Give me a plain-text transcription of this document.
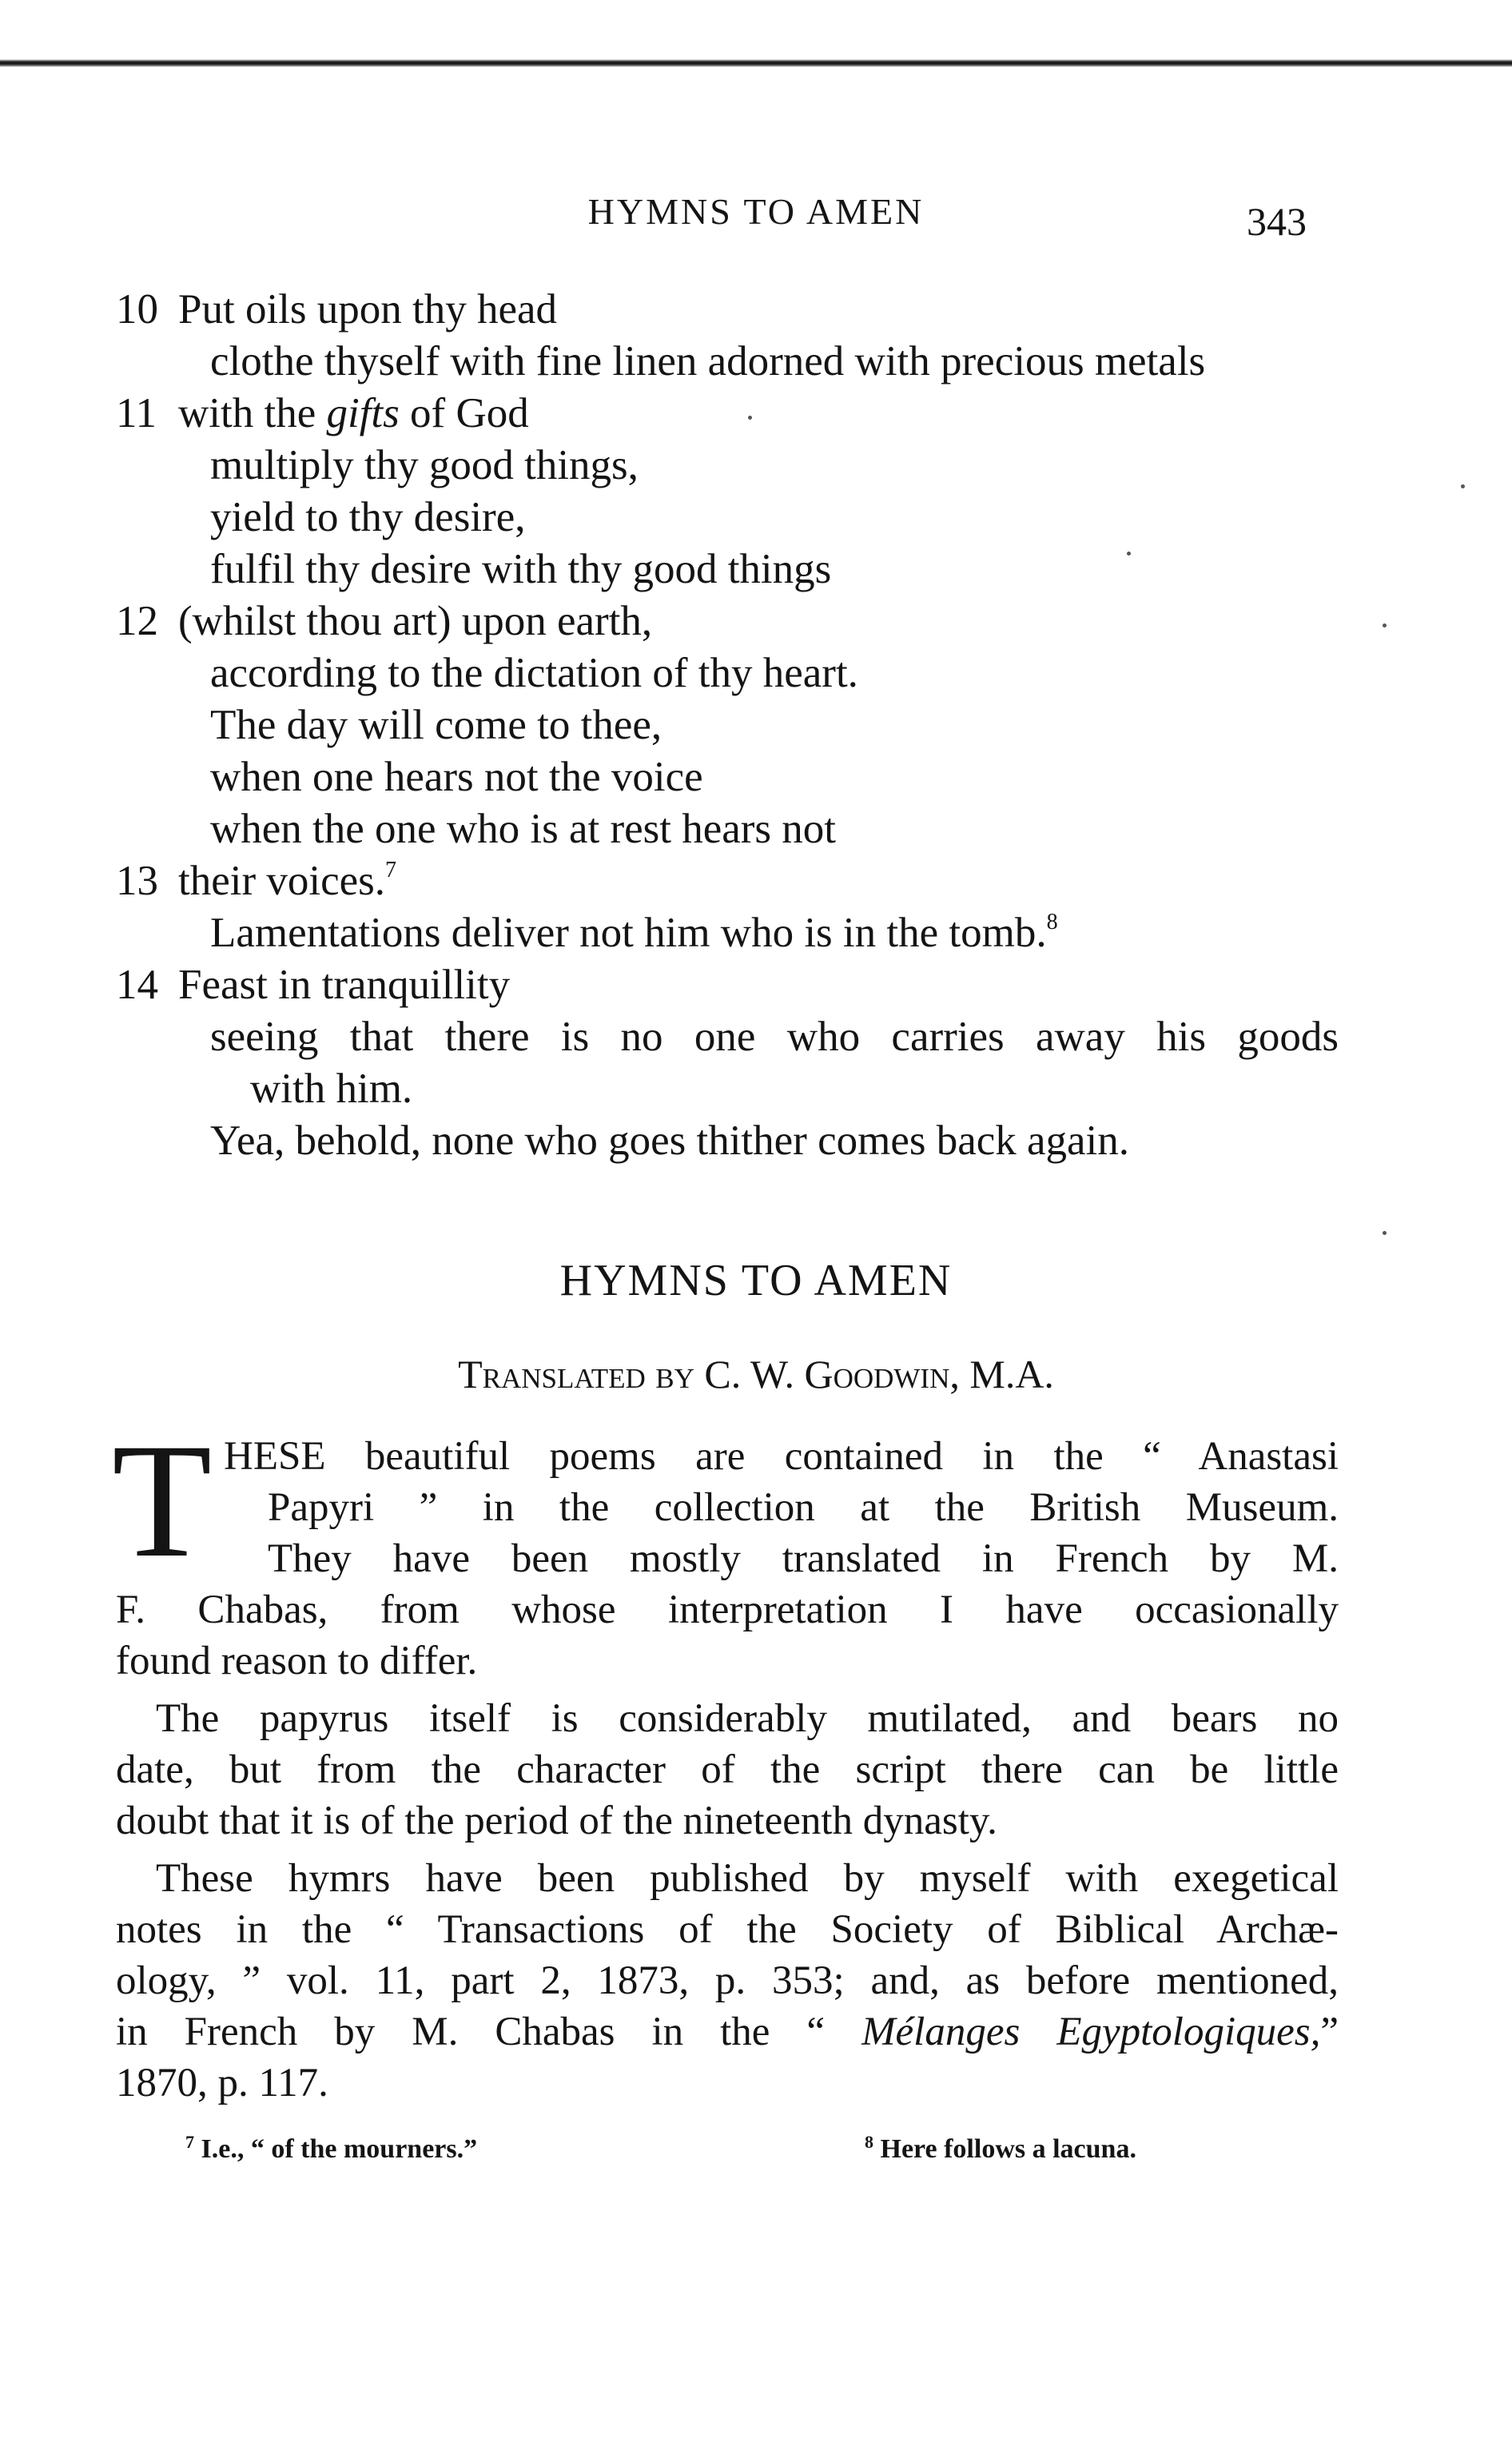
HYMNS TO AMEN	343
10 Put oils upon thy head
clothe thyself with fine linen adorned with precious metals
11 with the gifts of God
multiply thy good things,
yield to thy desire,
fulfil thy desire with thy good things
12 (whilst thou art) upon earth,
according to the dictation of thy heart.
The day will come to thee,
when one hears not the voice
when the one who is at rest hears not
13 their voices.$^7$
Lamentations deliver not him who is in the tomb.$^8$
14 Feast in tranquillity
seeing that there is no one who carries away his goods
with him.
Yea, behold, none who goes thither comes back again.
HYMNS TO AMEN
Translated by C. W. Goodwin, M.A.
T HESE beautiful poems are contained in the “ Anastasi
Papyri ” in the collection at the British Museum.
They have been mostly translated in French by M.
F. Chabas, from whose interpretation I have occasionally
found reason to differ.
The papyrus itself is considerably mutilated, and bears no
date, but from the character of the script there can be little
doubt that it is of the period of the nineteenth dynasty.
These hymrs have been published by myself with exegetical
notes in the “ Transactions of the Society of Biblical Archæ-
ology, ” vol. 11, part 2, 1873, p. 353; and, as before mentioned,
in French by M. Chabas in the “ Mélanges Egyptologiques,”
1870, p. 117.
$^7$ I.e., “ of the mourners.”	$^8$ Here follows a lacuna.
